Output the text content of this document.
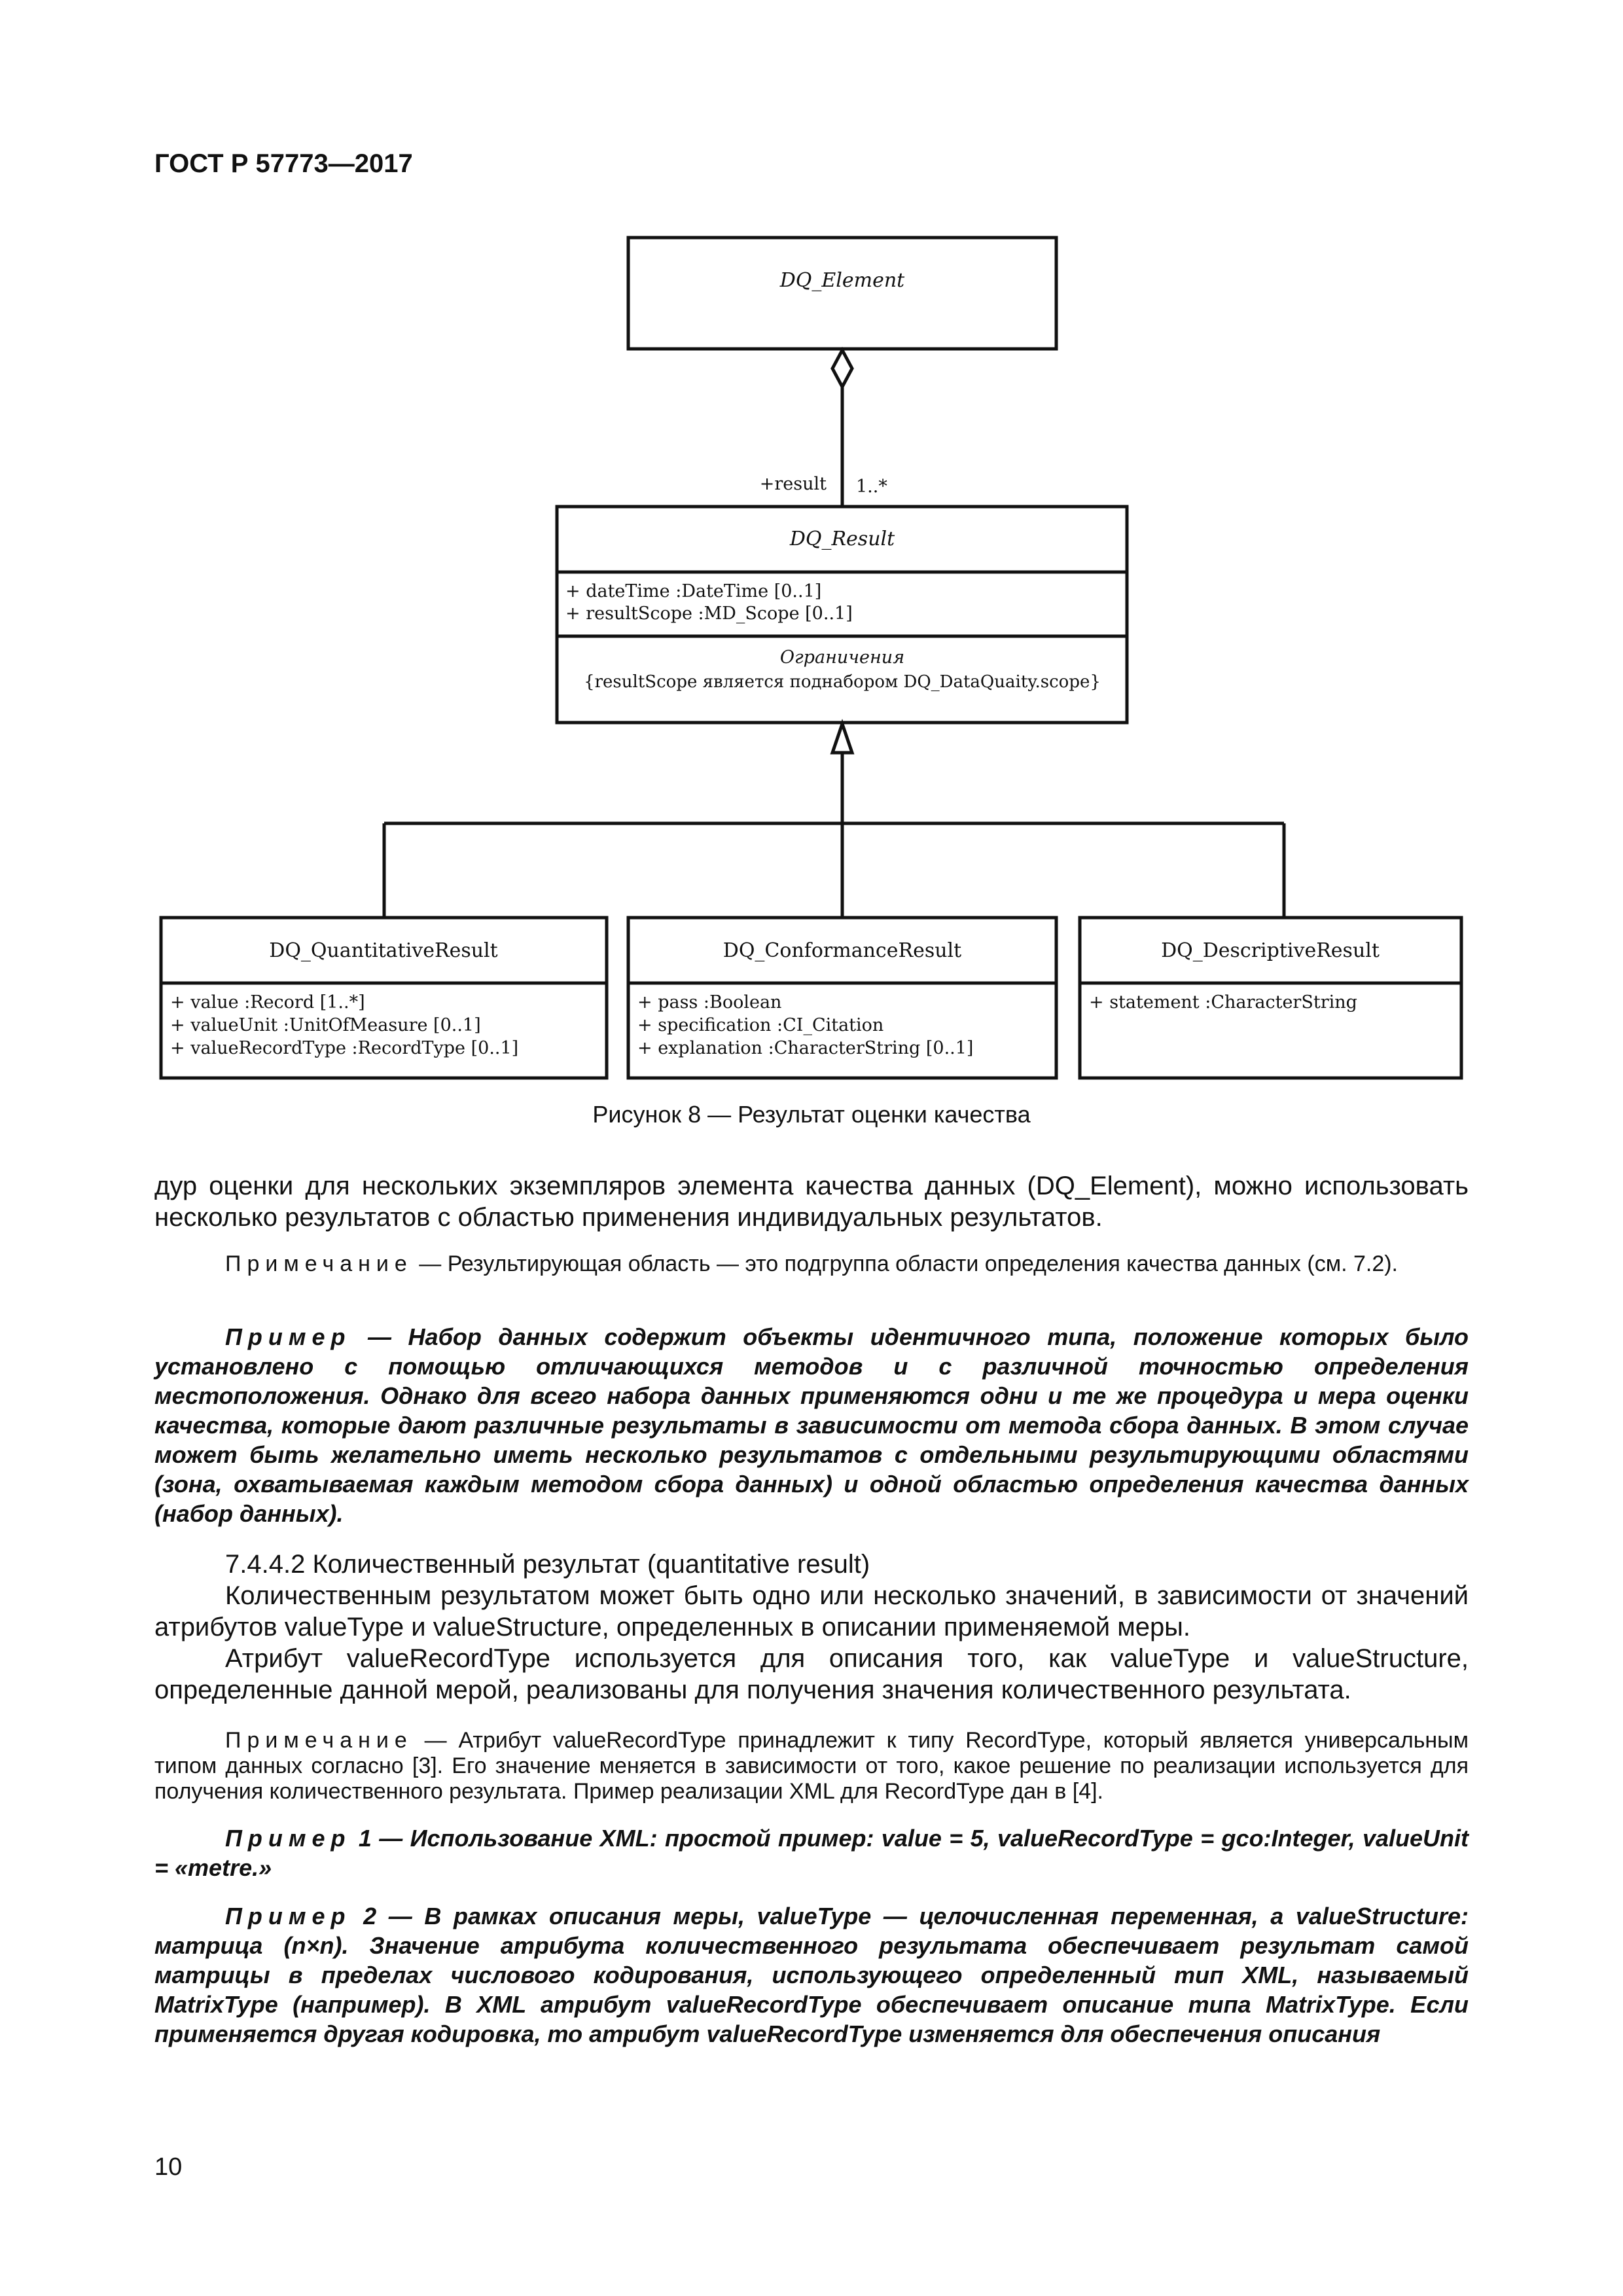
ГОСТ Р 57773—2017
DQ_Element
+result 1..*
DQ_Result
+ dateTime :DateTime [0..1]
+ resultScope :MD_Scope [0..1]
Ограничения
{resultScope является поднабором DQ_DataQuaity.scope}
DQ_QuantitativeResult
+ value :Record [1..*]
+ valueUnit :UnitOfMeasure [0..1]
+ valueRecordType :RecordType [0..1]
DQ_ConformanceResult
+ pass :Boolean
+ specification :CI_Citation
+ explanation :CharacterString [0..1]
DQ_DescriptiveResult
+ statement :CharacterString
Рисунок 8 — Результат оценки качества

дур оценки для нескольких экземпляров элемента качества данных (DQ_Element), можно использовать несколько результатов с областью применения индивидуальных результатов.

Примечание — Результирующая область — это подгруппа области определения качества данных (см. 7.2).

Пример — Набор данных содержит объекты идентичного типа, положение которых было установлено с помощью отличающихся методов и с различной точностью определения местоположения. Однако для всего набора данных применяются одни и те же процедура и мера оценки качества, которые дают различные результаты в зависимости от метода сбора данных. В этом случае может быть желательно иметь несколько результатов с отдельными результирующими областями (зона, охватываемая каждым методом сбора данных) и одной областью определения качества данных (набор данных).

7.4.4.2 Количественный результат (quantitative result)

Количественным результатом может быть одно или несколько значений, в зависимости от значений атрибутов valueType и valueStructure, определенных в описании применяемой меры.

Атрибут valueRecordType используется для описания того, как valueType и valueStructure, определенные данной мерой, реализованы для получения значения количественного результата.

Примечание — Атрибут valueRecordType принадлежит к типу RecordType, который является универсальным типом данных согласно [3]. Его значение меняется в зависимости от того, какое решение по реализации используется для получения количественного результата. Пример реализации XML для RecordType дан в [4].

Пример 1 — Использование XML: простой пример: value = 5, valueRecordType = gco:Integer, valueUnit = «metre.»

Пример 2 — В рамках описания меры, valueType — целочисленная переменная, а valueStructure: матрица (n×n). Значение атрибута количественного результата обеспечивает результат самой матрицы в пределах числового кодирования, использующего определенный тип XML, называемый MatrixType (например). В XML атрибут valueRecordType обеспечивает описание типа MatrixType. Если применяется другая кодировка, то атрибут valueRecordType изменяется для обеспечения описания

10
